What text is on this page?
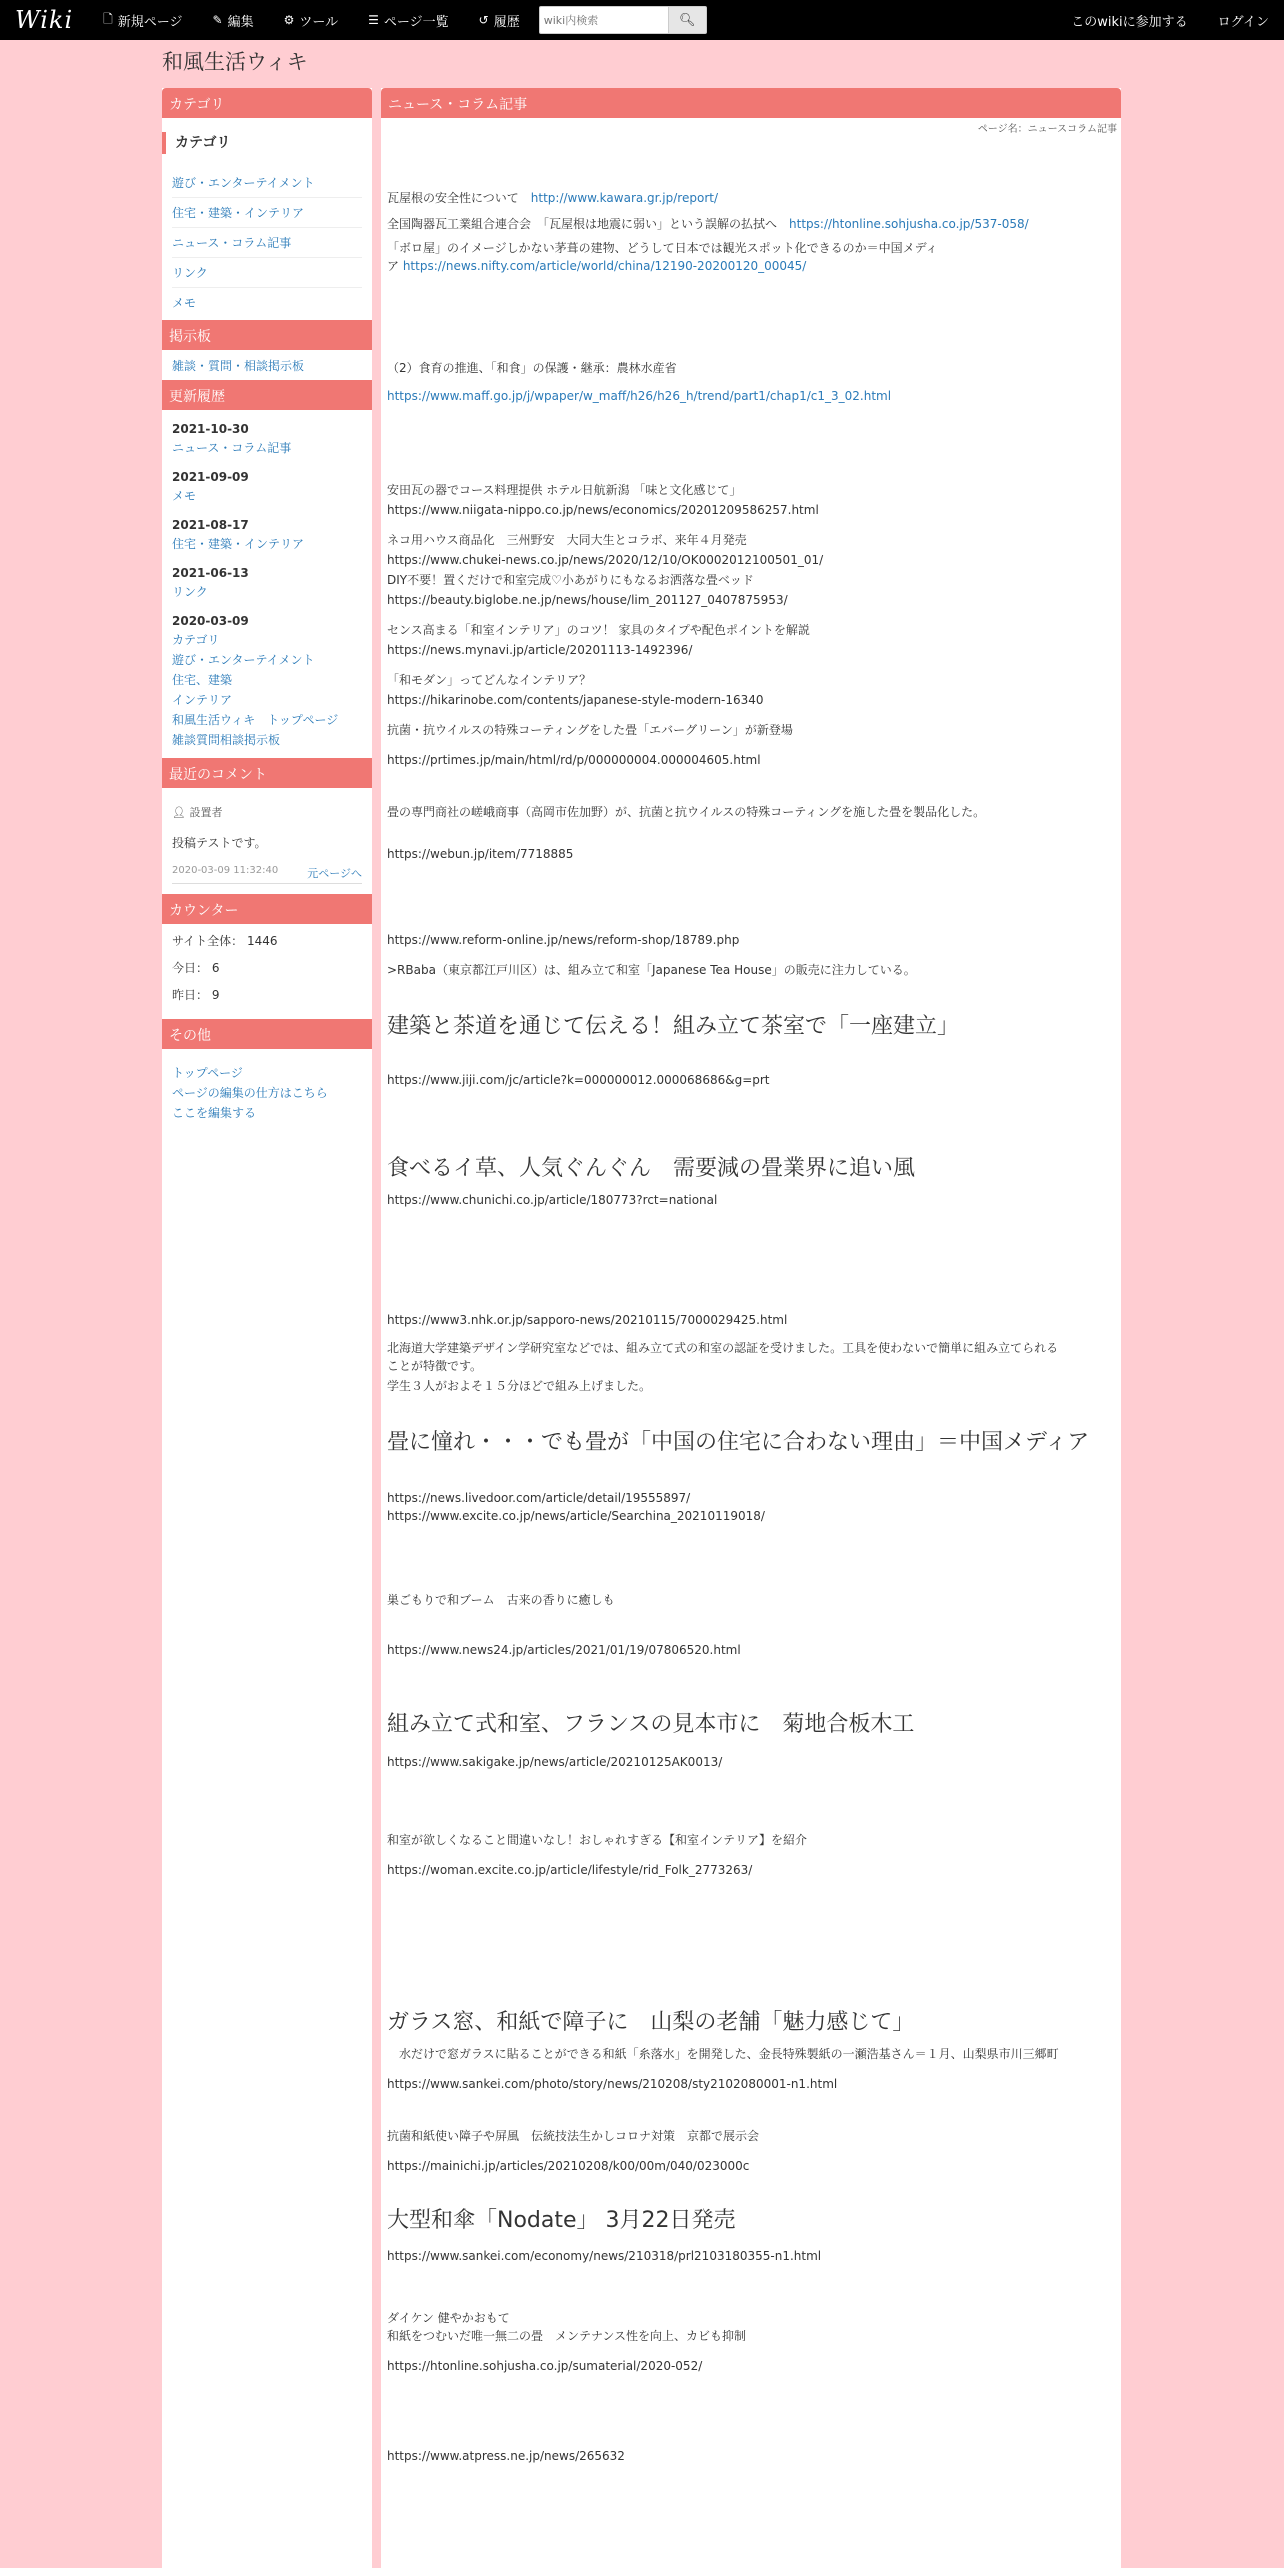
Wiki	🗋 新規ページ	✎ 編集	⚙ ツール	☰ ページ一覧	↺ 履歴
wiki内検索	🔍︎	このwikiに参加する	ログイン
和風生活ウィキ
カテゴリ
カテゴリ
遊び・エンターテイメント
住宅・建築・インテリア
ニュース・コラム記事
リンク
メモ
掲示板
雑談・質問・相談掲示板
更新履歴
2021-10-30
ニュース・コラム記事
2021-09-09
メモ
2021-08-17
住宅・建築・インテリア
2021-06-13
リンク
2020-03-09
カテゴリ
遊び・エンターテイメント
住宅、建築
インテリア
和風生活ウィキ　トップページ
雑談質問相談掲示板
最近のコメント
👤︎ 設置者
投稿テストです。
2020-03-09 11:32:40	元ページへ
カウンター
サイト全体： 1446
今日： 6
昨日： 9
その他
トップページ
ページの編集の仕方はこちら
ここを編集する
ニュース・コラム記事
ページ名：ニュースコラム記事
瓦屋根の安全性について　http://www.kawara.gr.jp/report/
全国陶器瓦工業組合連合会　「瓦屋根は地震に弱い」という誤解の払拭へ　https://htonline.sohjusha.co.jp/537-058/
「ボロ屋」のイメージしかない茅葺の建物、どうして日本では観光スポット化できるのか＝中国メディ
ア https://news.nifty.com/article/world/china/12190-20200120_00045/
（2）食育の推進、「和食」の保護・継承：農林水産省
https://www.maff.go.jp/j/wpaper/w_maff/h26/h26_h/trend/part1/chap1/c1_3_02.html
安田瓦の器でコース料理提供 ホテル日航新潟 「味と文化感じて」
https://www.niigata-nippo.co.jp/news/economics/20201209586257.html
ネコ用ハウス商品化　三州野安　大同大生とコラボ、来年４月発売
https://www.chukei-news.co.jp/news/2020/12/10/OK0002012100501_01/
DIY不要！置くだけで和室完成♡小あがりにもなるお洒落な畳ベッド
https://beauty.biglobe.ne.jp/news/house/lim_201127_0407875953/
センス高まる「和室インテリア」のコツ！ 家具のタイプや配色ポイントを解説
https://news.mynavi.jp/article/20201113-1492396/
「和モダン」ってどんなインテリア？
https://hikarinobe.com/contents/japanese-style-modern-16340
抗菌・抗ウイルスの特殊コーティングをした畳「エバーグリーン」が新登場
https://prtimes.jp/main/html/rd/p/000000004.000004605.html
畳の専門商社の嵯峨商事（高岡市佐加野）が、抗菌と抗ウイルスの特殊コーティングを施した畳を製品化した。
https://webun.jp/item/7718885
https://www.reform-online.jp/news/reform-shop/18789.php
>RBaba（東京都江戸川区）は、組み立て和室「Japanese Tea House」の販売に注力している。
建築と茶道を通じて伝える！組み立て茶室で「一座建立」
https://www.jiji.com/jc/article?k=000000012.000068686&g=prt
食べるイ草、人気ぐんぐん　需要減の畳業界に追い風
https://www.chunichi.co.jp/article/180773?rct=national
https://www3.nhk.or.jp/sapporo-news/20210115/7000029425.html
北海道大学建築デザイン学研究室などでは、組み立て式の和室の認証を受けました。工具を使わないで簡単に組み立てられる
ことが特徴です。
学生３人がおよそ１５分ほどで組み上げました。
畳に憧れ・・・でも畳が「中国の住宅に合わない理由」＝中国メディア
https://news.livedoor.com/article/detail/19555897/
https://www.excite.co.jp/news/article/Searchina_20210119018/
巣ごもりで和ブーム　古来の香りに癒しも
https://www.news24.jp/articles/2021/01/19/07806520.html
組み立て式和室、フランスの見本市に　菊地合板木工
https://www.sakigake.jp/news/article/20210125AK0013/
和室が欲しくなること間違いなし！おしゃれすぎる【和室インテリア】を紹介
https://woman.excite.co.jp/article/lifestyle/rid_Folk_2773263/
ガラス窓、和紙で障子に　山梨の老舗「魅力感じて」
　水だけで窓ガラスに貼ることができる和紙「糸落水」を開発した、金長特殊製紙の一瀬浩基さん＝１月、山梨県市川三郷町
https://www.sankei.com/photo/story/news/210208/sty2102080001-n1.html
抗菌和紙使い障子や屏風　伝統技法生かしコロナ対策　京都で展示会
https://mainichi.jp/articles/20210208/k00/00m/040/023000c
大型和傘「Nodate」 3月22日発売
https://www.sankei.com/economy/news/210318/prl2103180355-n1.html
ダイケン 健やかおもて
和紙をつむいだ唯一無二の畳　メンテナンス性を向上、カビも抑制
https://htonline.sohjusha.co.jp/sumaterial/2020-052/
https://www.atpress.ne.jp/news/265632
